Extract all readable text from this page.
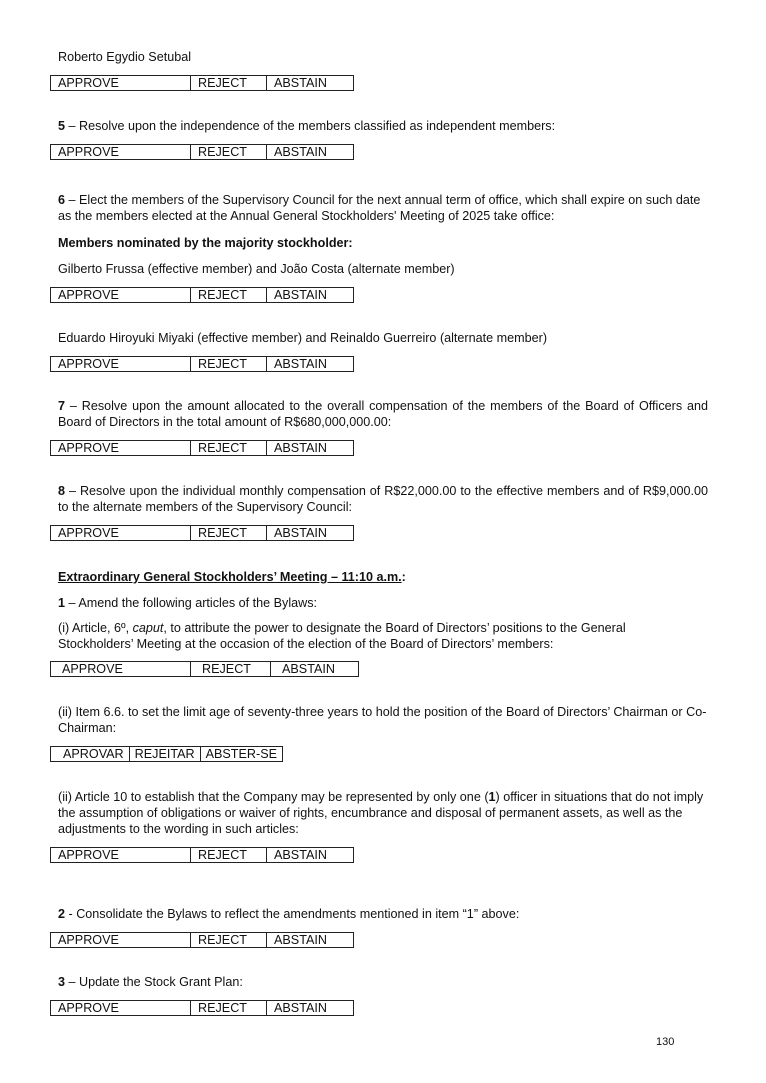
Roberto Egydio Setubal
APPROVE	REJECT	ABSTAIN
5 – Resolve upon the independence of the members classified as independent members:
APPROVE	REJECT	ABSTAIN
6 – Elect the members of the Supervisory Council for the next annual term of office, which shall expire on such date as the members elected at the Annual General Stockholders' Meeting of 2025 take office:
Members nominated by the majority stockholder:
Gilberto Frussa (effective member) and João Costa (alternate member)
APPROVE	REJECT	ABSTAIN
Eduardo Hiroyuki Miyaki (effective member) and Reinaldo Guerreiro (alternate member)
APPROVE	REJECT	ABSTAIN
7 – Resolve upon the amount allocated to the overall compensation of the members of the Board of Officers and Board of Directors in the total amount of R$680,000,000.00:
APPROVE	REJECT	ABSTAIN
8 – Resolve upon the individual monthly compensation of R$22,000.00 to the effective members and of R$9,000.00 to the alternate members of the Supervisory Council:
APPROVE	REJECT	ABSTAIN
Extraordinary General Stockholders’ Meeting – 11:10 a.m.:
1 – Amend the following articles of the Bylaws:
(i) Article, 6º, caput, to attribute the power to designate the Board of Directors’ positions to the General Stockholders’ Meeting at the occasion of the election of the Board of Directors’ members:
APPROVE	REJECT	ABSTAIN
(ii) Item 6.6. to set the limit age of seventy-three years to hold the position of the Board of Directors’ Chairman or Co-Chairman:
APROVAR	REJEITAR	ABSTER-SE
(ii) Article 10 to establish that the Company may be represented by only one (1) officer in situations that do not imply the assumption of obligations or waiver of rights, encumbrance and disposal of permanent assets, as well as the adjustments to the wording in such articles:
APPROVE	REJECT	ABSTAIN
2 - Consolidate the Bylaws to reflect the amendments mentioned in item “1” above:
APPROVE	REJECT	ABSTAIN
3 – Update the Stock Grant Plan:
APPROVE	REJECT	ABSTAIN
130
